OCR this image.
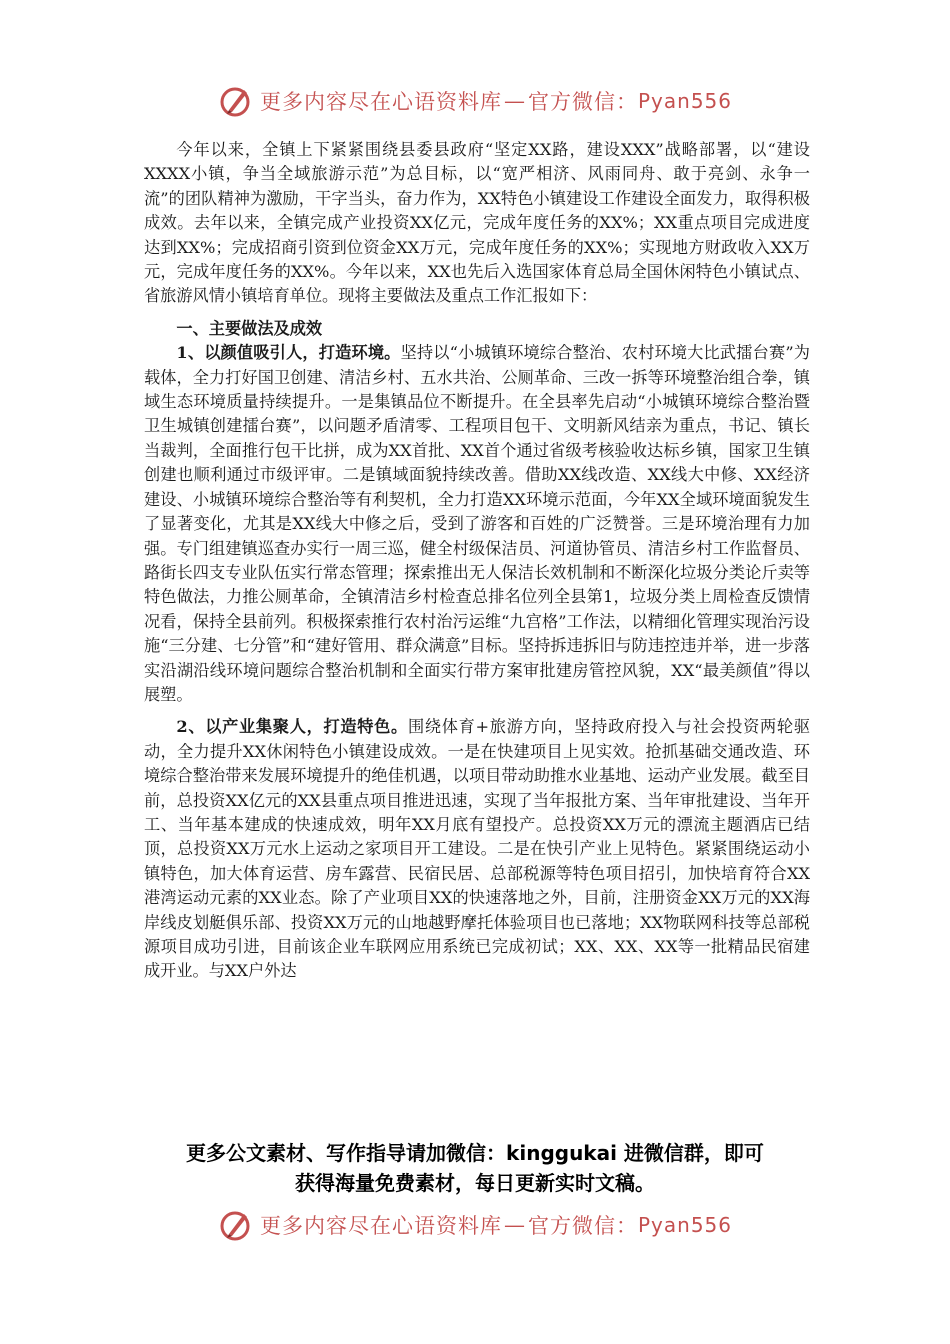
更多内容尽在心语资料库 — 官方微信： Pyan556

今年以来，全镇上下紧紧围绕县委县政府“坚定XX路，建设XXX”战略部署，以“建设XXXX小镇，争当全域旅游示范”为总目标，以“宽严相济、风雨同舟、敢于亮剑、永争一流”的团队精神为激励，干字当头，奋力作为，XX特色小镇建设工作建设全面发力，取得积极成效。去年以来，全镇完成产业投资XX亿元，完成年度任务的XX%；XX重点项目完成进度达到XX%；完成招商引资到位资金XX万元，完成年度任务的XX%；实现地方财政收入XX万元，完成年度任务的XX%。今年以来，XX也先后入选国家体育总局全国休闲特色小镇试点、省旅游风情小镇培育单位。现将主要做法及重点工作汇报如下：

一、主要做法及成效

1、以颜值吸引人，打造环境。坚持以“小城镇环境综合整治、农村环境大比武擂台赛”为载体，全力打好国卫创建、清洁乡村、五水共治、公厕革命、三改一拆等环境整治组合拳，镇域生态环境质量持续提升。一是集镇品位不断提升。在全县率先启动“小城镇环境综合整治暨卫生城镇创建擂台赛”，以问题矛盾清零、工程项目包干、文明新风结亲为重点，书记、镇长当裁判，全面推行包干比拼，成为XX首批、XX首个通过省级考核验收达标乡镇，国家卫生镇创建也顺利通过市级评审。二是镇域面貌持续改善。借助XX线改造、XX线大中修、XX经济建设、小城镇环境综合整治等有利契机，全力打造XX环境示范面，今年XX全域环境面貌发生了显著变化，尤其是XX线大中修之后，受到了游客和百姓的广泛赞誉。三是环境治理有力加强。专门组建镇巡查办实行一周三巡，健全村级保洁员、河道协管员、清洁乡村工作监督员、路街长四支专业队伍实行常态管理；探索推出无人保洁长效机制和不断深化垃圾分类论斤卖等特色做法，力推公厕革命，全镇清洁乡村检查总排名位列全县第1，垃圾分类上周检查反馈情况看，保持全县前列。积极探索推行农村治污运维“九宫格”工作法，以精细化管理实现治污设施“三分建、七分管”和“建好管用、群众满意”目标。坚持拆违拆旧与防违控违并举，进一步落实沿湖沿线环境问题综合整治机制和全面实行带方案审批建房管控风貌，XX“最美颜值”得以展塑。

2、以产业集聚人，打造特色。围绕体育+旅游方向，坚持政府投入与社会投资两轮驱动，全力提升XX休闲特色小镇建设成效。一是在快建项目上见实效。抢抓基础交通改造、环境综合整治带来发展环境提升的绝佳机遇，以项目带动助推水业基地、运动产业发展。截至目前，总投资XX亿元的XX县重点项目推进迅速，实现了当年报批方案、当年审批建设、当年开工、当年基本建成的快速成效，明年XX月底有望投产。总投资XX万元的漂流主题酒店已结顶，总投资XX万元水上运动之家项目开工建设。二是在快引产业上见特色。紧紧围绕运动小镇特色，加大体育运营、房车露营、民宿民居、总部税源等特色项目招引，加快培育符合XX港湾运动元素的XX业态。除了产业项目XX的快速落地之外，目前，注册资金XX万元的XX海岸线皮划艇俱乐部、投资XX万元的山地越野摩托体验项目也已落地；XX物联网科技等总部税源项目成功引进，目前该企业车联网应用系统已完成初试；XX、XX、XX等一批精品民宿建成开业。与XX户外达

更多公文素材、写作指导请加微信：kinggukai 进微信群，即可
获得海量免费素材，每日更新实时文稿。
更多内容尽在心语资料库 — 官方微信： Pyan556
